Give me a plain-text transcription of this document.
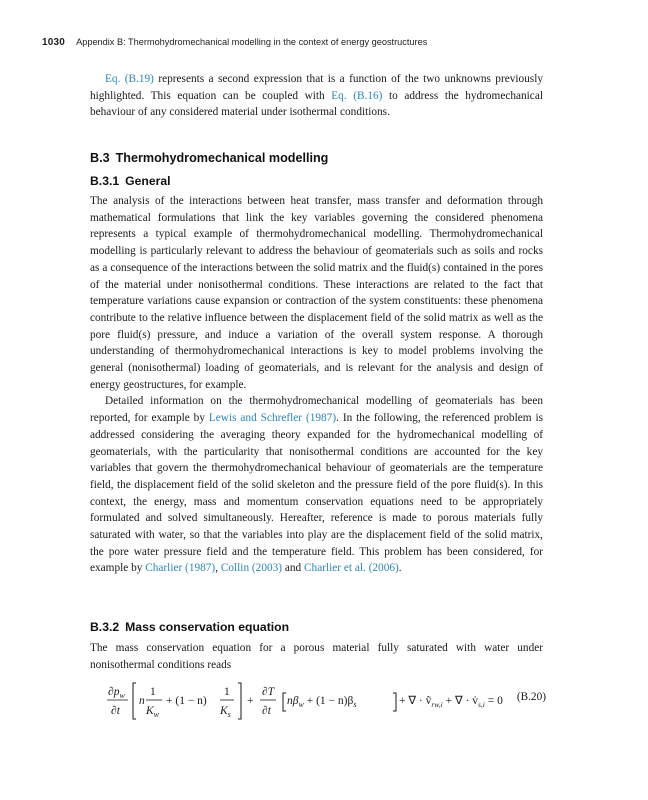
1030 Appendix B: Thermohydromechanical modelling in the context of energy geostructures

Eq. (B.19) represents a second expression that is a function of the two unknowns previously highlighted. This equation can be coupled with Eq. (B.16) to address the hydromechanical behaviour of any considered material under isothermal conditions.

B.3 Thermohydromechanical modelling
B.3.1 General

The analysis of the interactions between heat transfer, mass transfer and deformation through mathematical formulations that link the key variables governing the considered phenomena represents a typical example of thermohydromechanical modelling. Thermohydromechanical modelling is particularly relevant to address the behaviour of geomaterials such as soils and rocks as a consequence of the interactions between the solid matrix and the fluid(s) contained in the pores of the material under nonisothermal conditions. These interactions are related to the fact that temperature variations cause expansion or contraction of the system constituents: these phenomena contribute to the relative influence between the displacement field of the solid matrix as well as the pore fluid(s) pressure, and induce a variation of the overall system response. A thorough understanding of thermohydromechanical interactions is key to model problems involving the general (nonisothermal) loading of geomaterials, and is relevant for the analysis and design of energy geostructures, for example.

Detailed information on the thermohydromechanical modelling of geomaterials has been reported, for example by Lewis and Schrefler (1987). In the following, the referenced problem is addressed considering the averaging theory expanded for the hydromechanical modelling of geomaterials, with the particularity that nonisothermal conditions are accounted for the key variables that govern the thermohydromechanical behaviour of geomaterials are the temperature field, the displacement field of the solid skeleton and the pressure field of the pore fluid(s). In this context, the energy, mass and momentum conservation equations need to be appropriately formulated and solved simultaneously. Hereafter, reference is made to porous materials fully saturated with water, so that the variables into play are the displacement field of the solid matrix, the pore water pressure field and the temperature field. This problem has been considered, for example by Charlier (1987), Collin (2003) and Charlier et al. (2006).

B.3.2 Mass conservation equation

The mass conservation equation for a porous material fully saturated with water under nonisothermal conditions reads

$\partial p_w$
∂t
n
1
$K_w$
+ (1 − n)
1
$K_s$
+
∂T
∂t
$n\beta_w + (1 - n)\beta_s$	+ ∇ · $ṽ_{rw,i}$ + ∇ · $v̇_{s,i} = 0$ (B.20)
